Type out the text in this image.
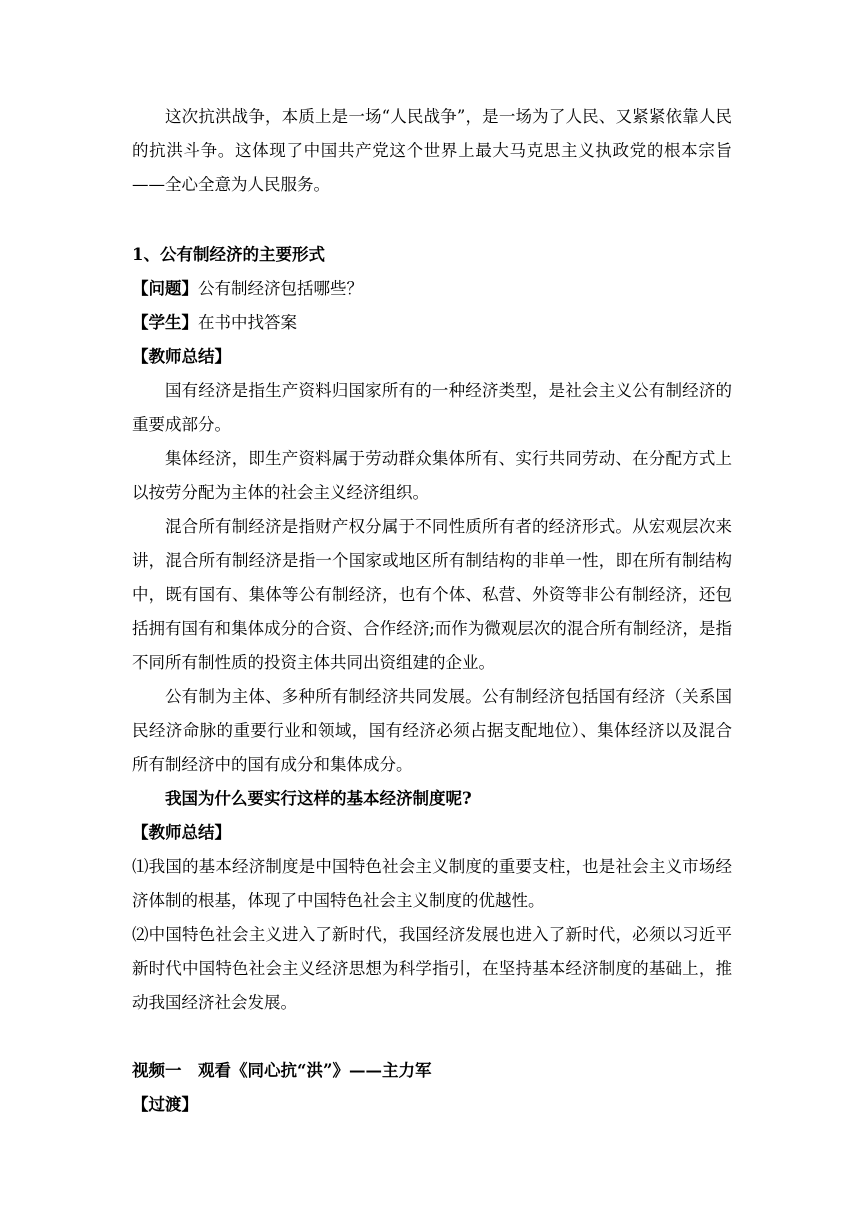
这次抗洪战争，本质上是一场“人民战争”，是一场为了人民、又紧紧依靠人民的抗洪斗争。这体现了中国共产党这个世界上最大马克思主义执政党的根本宗旨——全心全意为人民服务。

1、公有制经济的主要形式

【问题】公有制经济包括哪些？

【学生】在书中找答案

【教师总结】

国有经济是指生产资料归国家所有的一种经济类型，是社会主义公有制经济的重要成部分。

集体经济，即生产资料属于劳动群众集体所有、实行共同劳动、在分配方式上以按劳分配为主体的社会主义经济组织。

混合所有制经济是指财产权分属于不同性质所有者的经济形式。从宏观层次来讲，混合所有制经济是指一个国家或地区所有制结构的非单一性，即在所有制结构中，既有国有、集体等公有制经济，也有个体、私营、外资等非公有制经济，还包括拥有国有和集体成分的合资、合作经济;而作为微观层次的混合所有制经济，是指不同所有制性质的投资主体共同出资组建的企业。

公有制为主体、多种所有制经济共同发展。公有制经济包括国有经济（关系国民经济命脉的重要行业和领域，国有经济必须占据支配地位）、集体经济以及混合所有制经济中的国有成分和集体成分。

我国为什么要实行这样的基本经济制度呢?

【教师总结】

⑴我国的基本经济制度是中国特色社会主义制度的重要支柱，也是社会主义市场经济体制的根基，体现了中国特色社会主义制度的优越性。

⑵中国特色社会主义进入了新时代，我国经济发展也进入了新时代，必须以习近平新时代中国特色社会主义经济思想为科学指引，在坚持基本经济制度的基础上，推动我国经济社会发展。

视频一　观看《同心抗“洪”》——主力军

【过渡】
